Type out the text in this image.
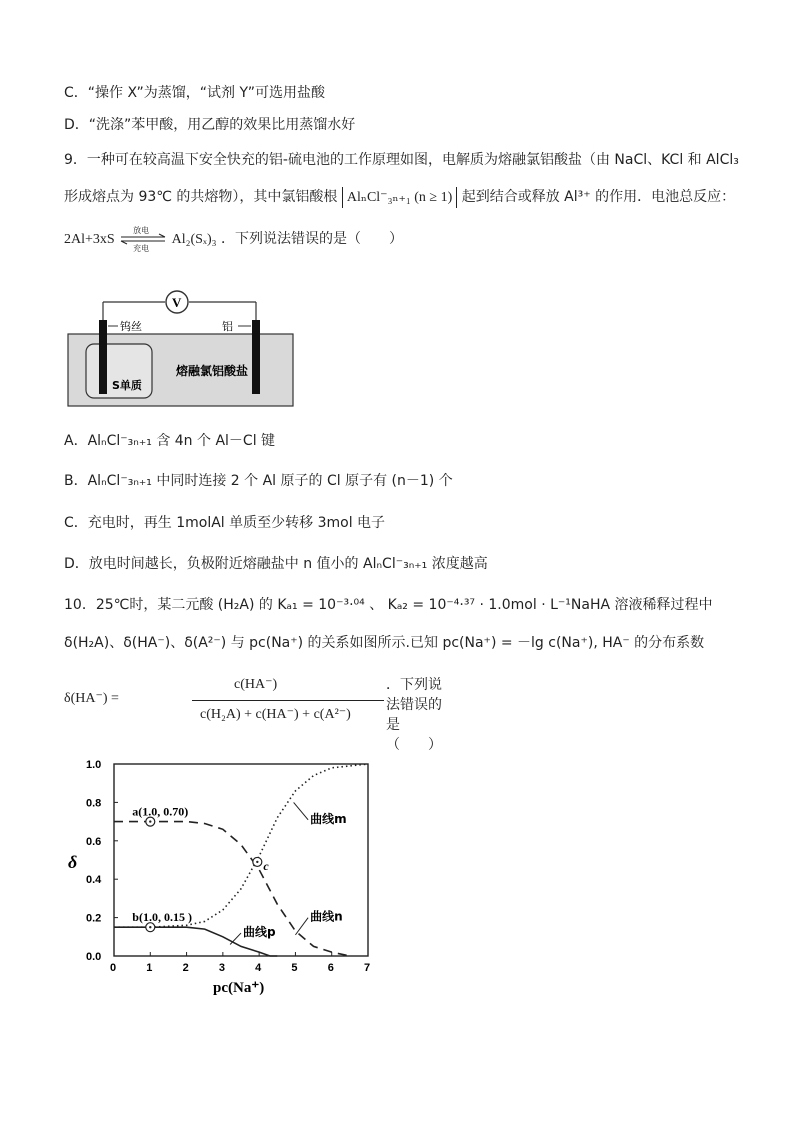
C．“操作 X”为蒸馏，“试剂 Y”可选用盐酸
D．“洗涤”苯甲酸，用乙醇的效果比用蒸馏水好
9．一种可在较高温下安全快充的铝-硫电池的工作原理如图，电解质为熔融氯铝酸盐（由 NaCl、KCl 和 AlCl₃
形成熔点为 93℃ 的共熔物），其中氯铝酸根 AlₙCl⁻₃ₙ₊₁ (n ≥ 1) 起到结合或释放 Al³⁺ 的作用．电池总反应：
2Al+3xS
放电
充电
Al₂(Sₓ)₃ ．下列说法错误的是（　　）
V
钨丝	铝
S单质
熔融氯铝酸盐
A．AlₙCl⁻₃ₙ₊₁ 含 4n 个 Al－Cl 键
B．AlₙCl⁻₃ₙ₊₁ 中同时连接 2 个 Al 原子的 Cl 原子有 (n－1) 个
C．充电时，再生 1molAl 单质至少转移 3mol 电子
D．放电时间越长，负极附近熔融盐中 n 值小的 AlₙCl⁻₃ₙ₊₁ 浓度越高
10．25℃时，某二元酸 (H₂A) 的 Kₐ₁ = 10⁻³·⁰⁴ 、 Kₐ₂ = 10⁻⁴·³⁷ · 1.0mol · L⁻¹NaHA 溶液稀释过程中
δ(H₂A)、δ(HA⁻)、δ(A²⁻) 与 pc(Na⁺) 的关系如图所示.已知 pc(Na⁺) = －lg c(Na⁺), HA⁻ 的分布系数
δ(HA⁻) =
c(HA⁻)
c(H₂A) + c(HA⁻) + c(A²⁻)
．下列说法错误的是（　　）
0	1	2	3	4	5	6	7
0.0
0.2
0.4
0.6
0.8
1.0
pc(Na⁺)
δ
曲线m
曲线n
曲线p
a(1.0, 0.70)
b(1.0, 0.15 )
c
